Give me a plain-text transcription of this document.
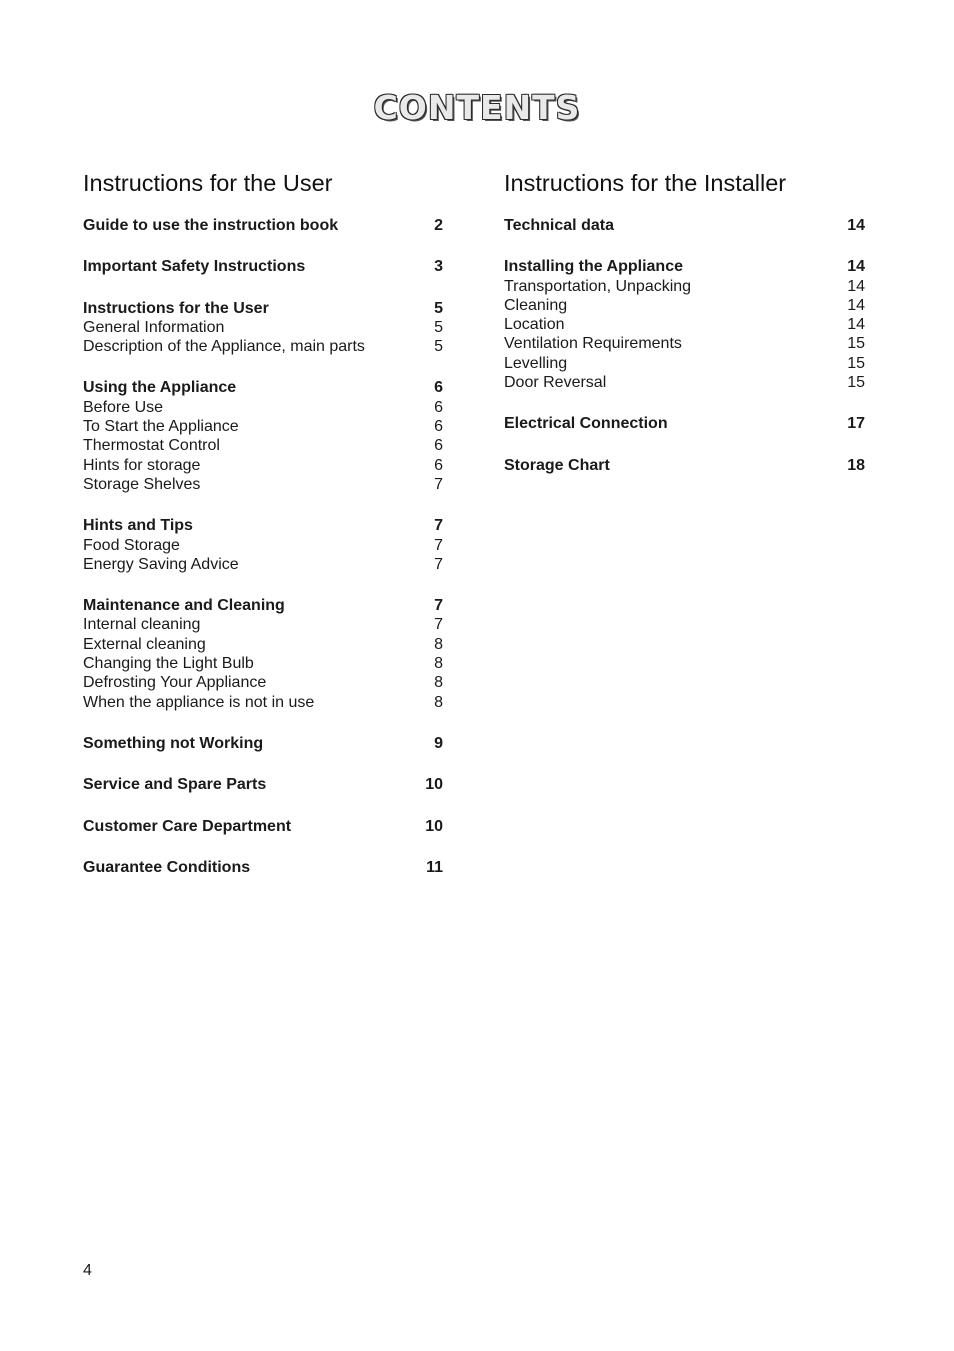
CONTENTS
Instructions for the User
Guide to use the instruction book	2
Important Safety Instructions	3
Instructions for the User	5
General Information	5
Description of the Appliance, main parts	5
Using the Appliance	6
Before Use	6
To Start the Appliance	6
Thermostat Control	6
Hints for storage	6
Storage Shelves	7
Hints and Tips	7
Food Storage	7
Energy Saving Advice	7
Maintenance and Cleaning	7
Internal cleaning	7
External cleaning	8
Changing the Light Bulb	8
Defrosting Your Appliance	8
When the appliance is not in use	8
Something not Working	9
Service and Spare Parts	10
Customer Care Department	10
Guarantee Conditions	11
Instructions for the Installer
Technical data	14
Installing the Appliance	14
Transportation, Unpacking	14
Cleaning	14
Location	14
Ventilation Requirements	15
Levelling	15
Door Reversal	15
Electrical Connection	17
Storage Chart	18
4
